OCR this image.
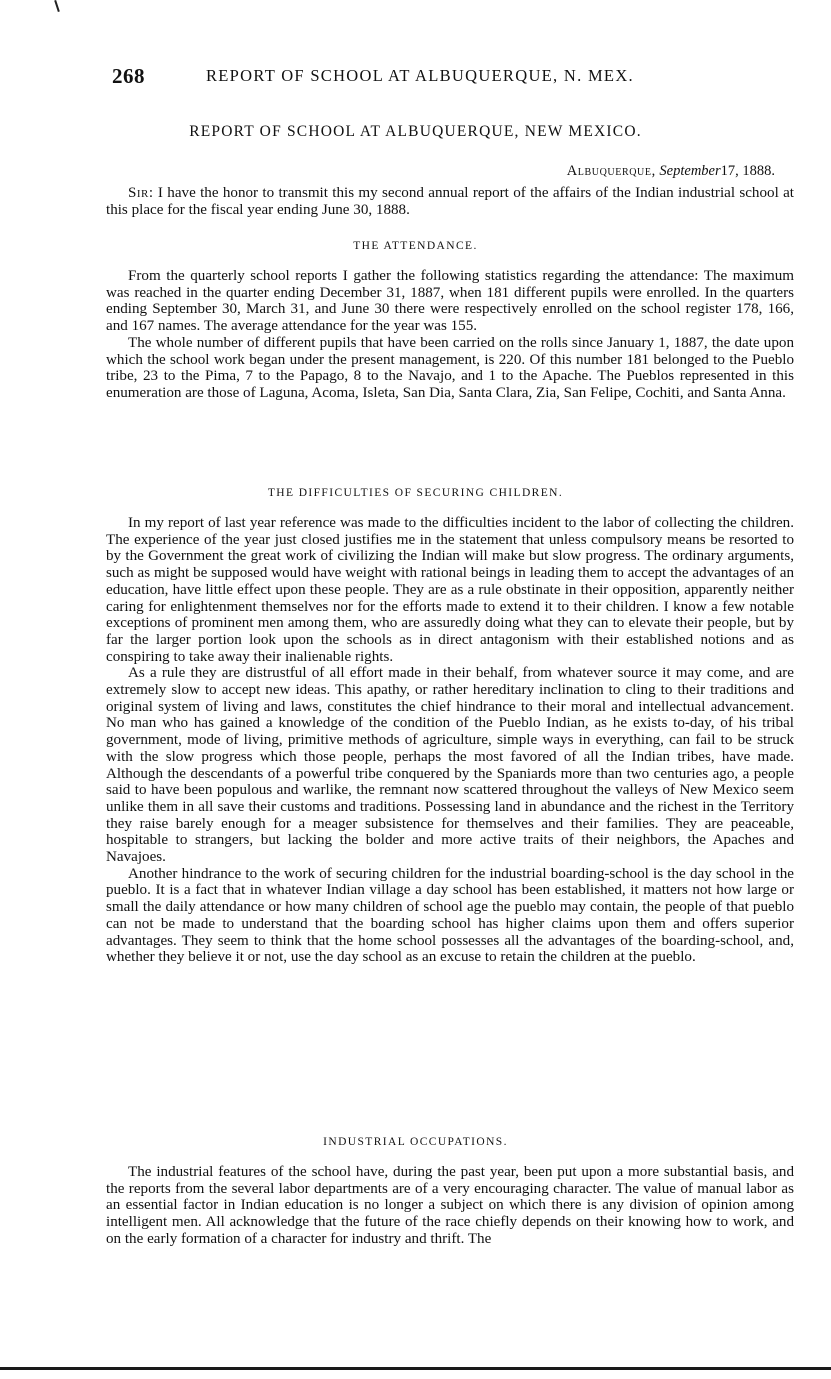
268	REPORT OF SCHOOL AT ALBUQUERQUE, N. MEX.
REPORT OF SCHOOL AT ALBUQUERQUE, NEW MEXICO.
Albuquerque, September17, 1888.

Sir: I have the honor to transmit this my second annual report of the affairs of the Indian industrial school at this place for the fiscal year ending June 30, 1888.

THE ATTENDANCE.

From the quarterly school reports I gather the following statistics regarding the attendance: The maximum was reached in the quarter ending December 31, 1887, when 181 different pupils were enrolled. In the quarters ending September 30, March 31, and June 30 there were respectively enrolled on the school register 178, 166, and 167 names. The average attendance for the year was 155.

The whole number of different pupils that have been carried on the rolls since January 1, 1887, the date upon which the school work began under the present management, is 220. Of this number 181 belonged to the Pueblo tribe, 23 to the Pima, 7 to the Papago, 8 to the Navajo, and 1 to the Apache. The Pueblos represented in this enumeration are those of Laguna, Acoma, Isleta, San Dia, Santa Clara, Zia, San Felipe, Cochiti, and Santa Anna.

THE DIFFICULTIES OF SECURING CHILDREN.

In my report of last year reference was made to the difficulties incident to the labor of collecting the children. The experience of the year just closed justifies me in the statement that unless compulsory means be resorted to by the Government the great work of civilizing the Indian will make but slow progress. The ordinary arguments, such as might be supposed would have weight with rational beings in leading them to accept the advantages of an education, have little effect upon these people. They are as a rule obstinate in their opposition, apparently neither caring for enlightenment themselves nor for the efforts made to extend it to their children. I know a few notable exceptions of prominent men among them, who are assuredly doing what they can to elevate their people, but by far the larger portion look upon the schools as in direct antagonism with their established notions and as conspiring to take away their inalienable rights.

As a rule they are distrustful of all effort made in their behalf, from whatever source it may come, and are extremely slow to accept new ideas. This apathy, or rather hereditary inclination to cling to their traditions and original system of living and laws, constitutes the chief hindrance to their moral and intellectual advancement. No man who has gained a knowledge of the condition of the Pueblo Indian, as he exists to-day, of his tribal government, mode of living, primitive methods of agriculture, simple ways in everything, can fail to be struck with the slow progress which those people, perhaps the most favored of all the Indian tribes, have made. Although the descendants of a powerful tribe conquered by the Spaniards more than two centuries ago, a people said to have been populous and warlike, the remnant now scattered throughout the valleys of New Mexico seem unlike them in all save their customs and traditions. Possessing land in abundance and the richest in the Territory they raise barely enough for a meager subsistence for themselves and their families. They are peaceable, hospitable to strangers, but lacking the bolder and more active traits of their neighbors, the Apaches and Navajoes.

Another hindrance to the work of securing children for the industrial boarding-school is the day school in the pueblo. It is a fact that in whatever Indian village a day school has been established, it matters not how large or small the daily attendance or how many children of school age the pueblo may contain, the people of that pueblo can not be made to understand that the boarding school has higher claims upon them and offers superior advantages. They seem to think that the home school possesses all the advantages of the boarding-school, and, whether they believe it or not, use the day school as an excuse to retain the children at the pueblo.

INDUSTRIAL OCCUPATIONS.

The industrial features of the school have, during the past year, been put upon a more substantial basis, and the reports from the several labor departments are of a very encouraging character. The value of manual labor as an essential factor in Indian education is no longer a subject on which there is any division of opinion among intelligent men. All acknowledge that the future of the race chiefly depends on their knowing how to work, and on the early formation of a character for industry and thrift. The
